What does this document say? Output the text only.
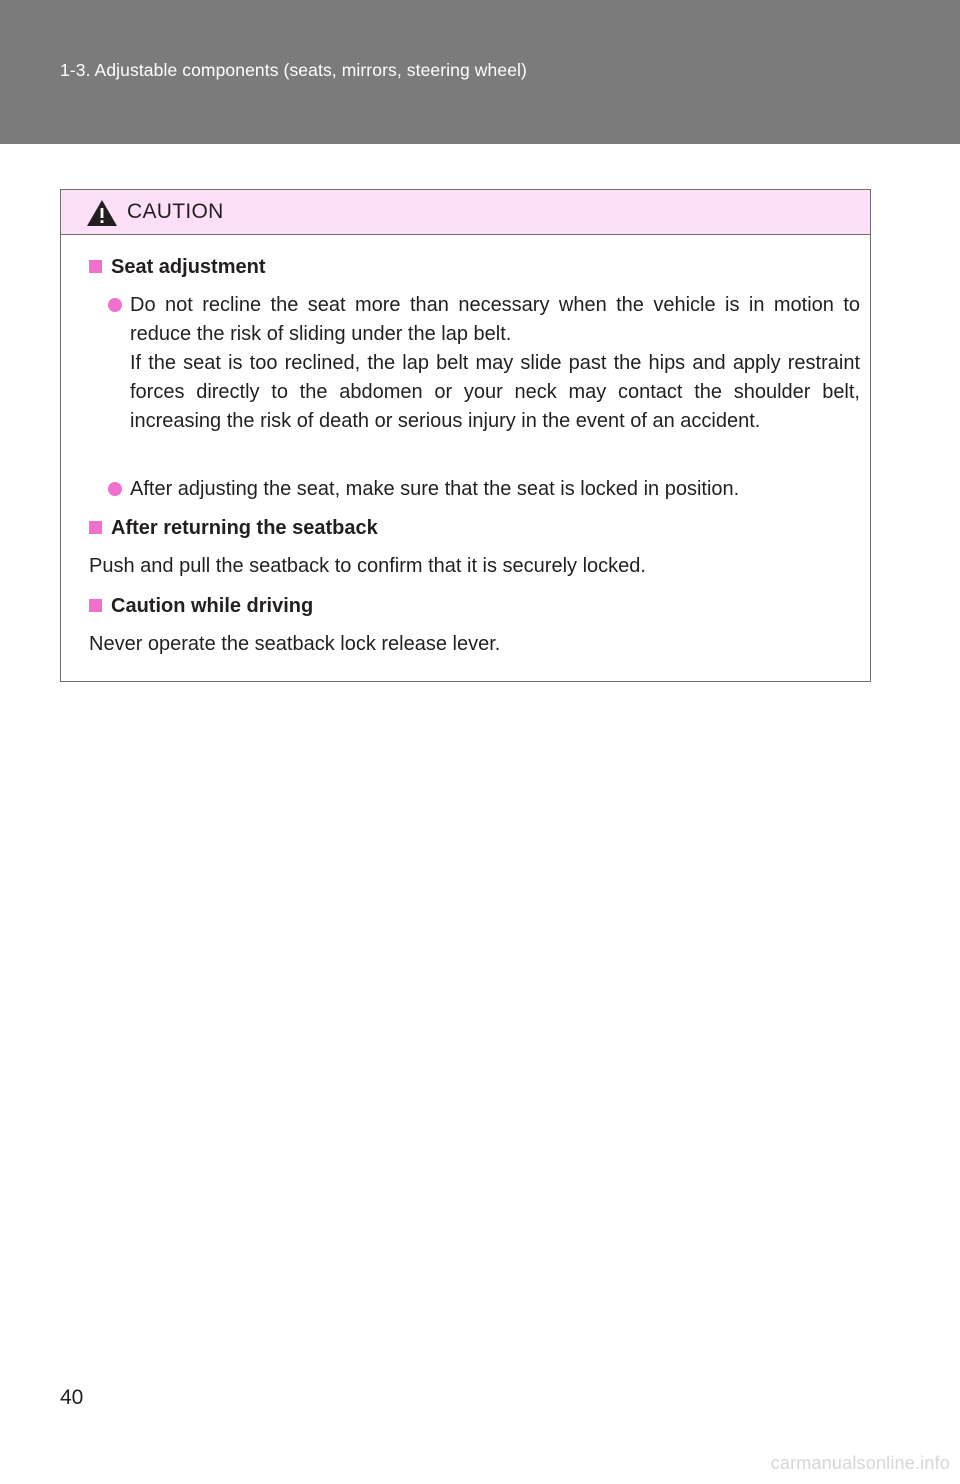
1-3. Adjustable components (seats, mirrors, steering wheel)
CAUTION
Seat adjustment

Do not recline the seat more than necessary when the vehicle is in motion to reduce the risk of sliding under the lap belt.

If the seat is too reclined, the lap belt may slide past the hips and apply restraint forces directly to the abdomen or your neck may contact the shoulder belt, increasing the risk of death or serious injury in the event of an accident.

After adjusting the seat, make sure that the seat is locked in position.

After returning the seatback
Push and pull the seatback to confirm that it is securely locked.
Caution while driving
Never operate the seatback lock release lever.
40
carmanualsonline.info
